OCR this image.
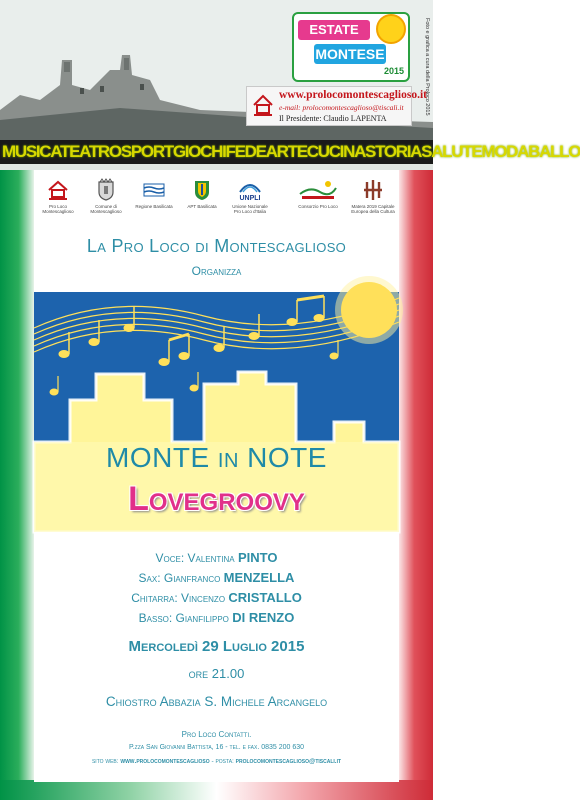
ESTATE
MONTESE
2015	Foto e grafica a cura della Proloco 2015
www.prolocomontescaglioso.it
e-mail: prolocomontescaglioso@tiscali.it
Il Presidente: Claudio LAPENTA
MUSICATEATROSPORTGIOCHIFEDEARTECUCINASTORIASALUTEMODABALLO
Pro Loco Montescaglioso
Comune di Montescaglioso
Regione Basilicata	APT Basilicata
UNPLI
Unione Nazionale Pro Loco d'Italia
Consorzio Pro Loco	Matera 2019 Capitale Europea della Cultura
La Pro Loco di Montescaglioso
Organizza
MONTE in NOTE
Lovegroovy
Voce: Valentina PINTO
Sax: Gianfranco MENZELLA
Chitarra: Vincenzo CRISTALLO
Basso: Gianfilippo DI RENZO
Mercoledì 29 Luglio 2015
ore 21.00
Chiostro Abbazia S. Michele Arcangelo
Pro Loco Contatti.
P.zza San Giovanni Battista, 16 - tel. e fax. 0835 200 630
sito web: www.prolocomontescaglioso - posta: prolocomontescaglioso@tiscali.it
